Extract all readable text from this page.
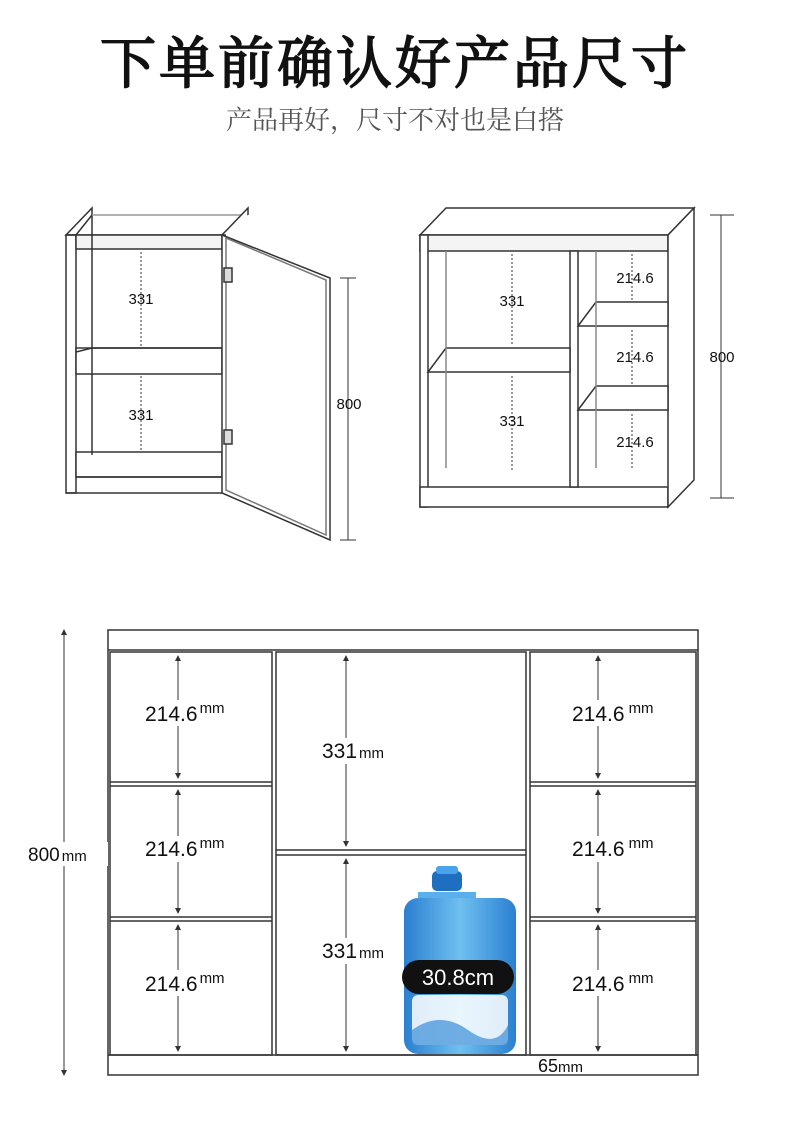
下单前确认好产品尺寸

产品再好，尺寸不对也是白搭

331
331
800
331
331
214.6
214.6
214.6
800
214.6 $^{mm}$
214.6 $^{mm}$
214.6 $^{mm}$
331 mm
331 mm
214.6 $^{mm}$
214.6 $^{mm}$
214.6 $^{mm}$
800 mm
65mm
30.8cm
